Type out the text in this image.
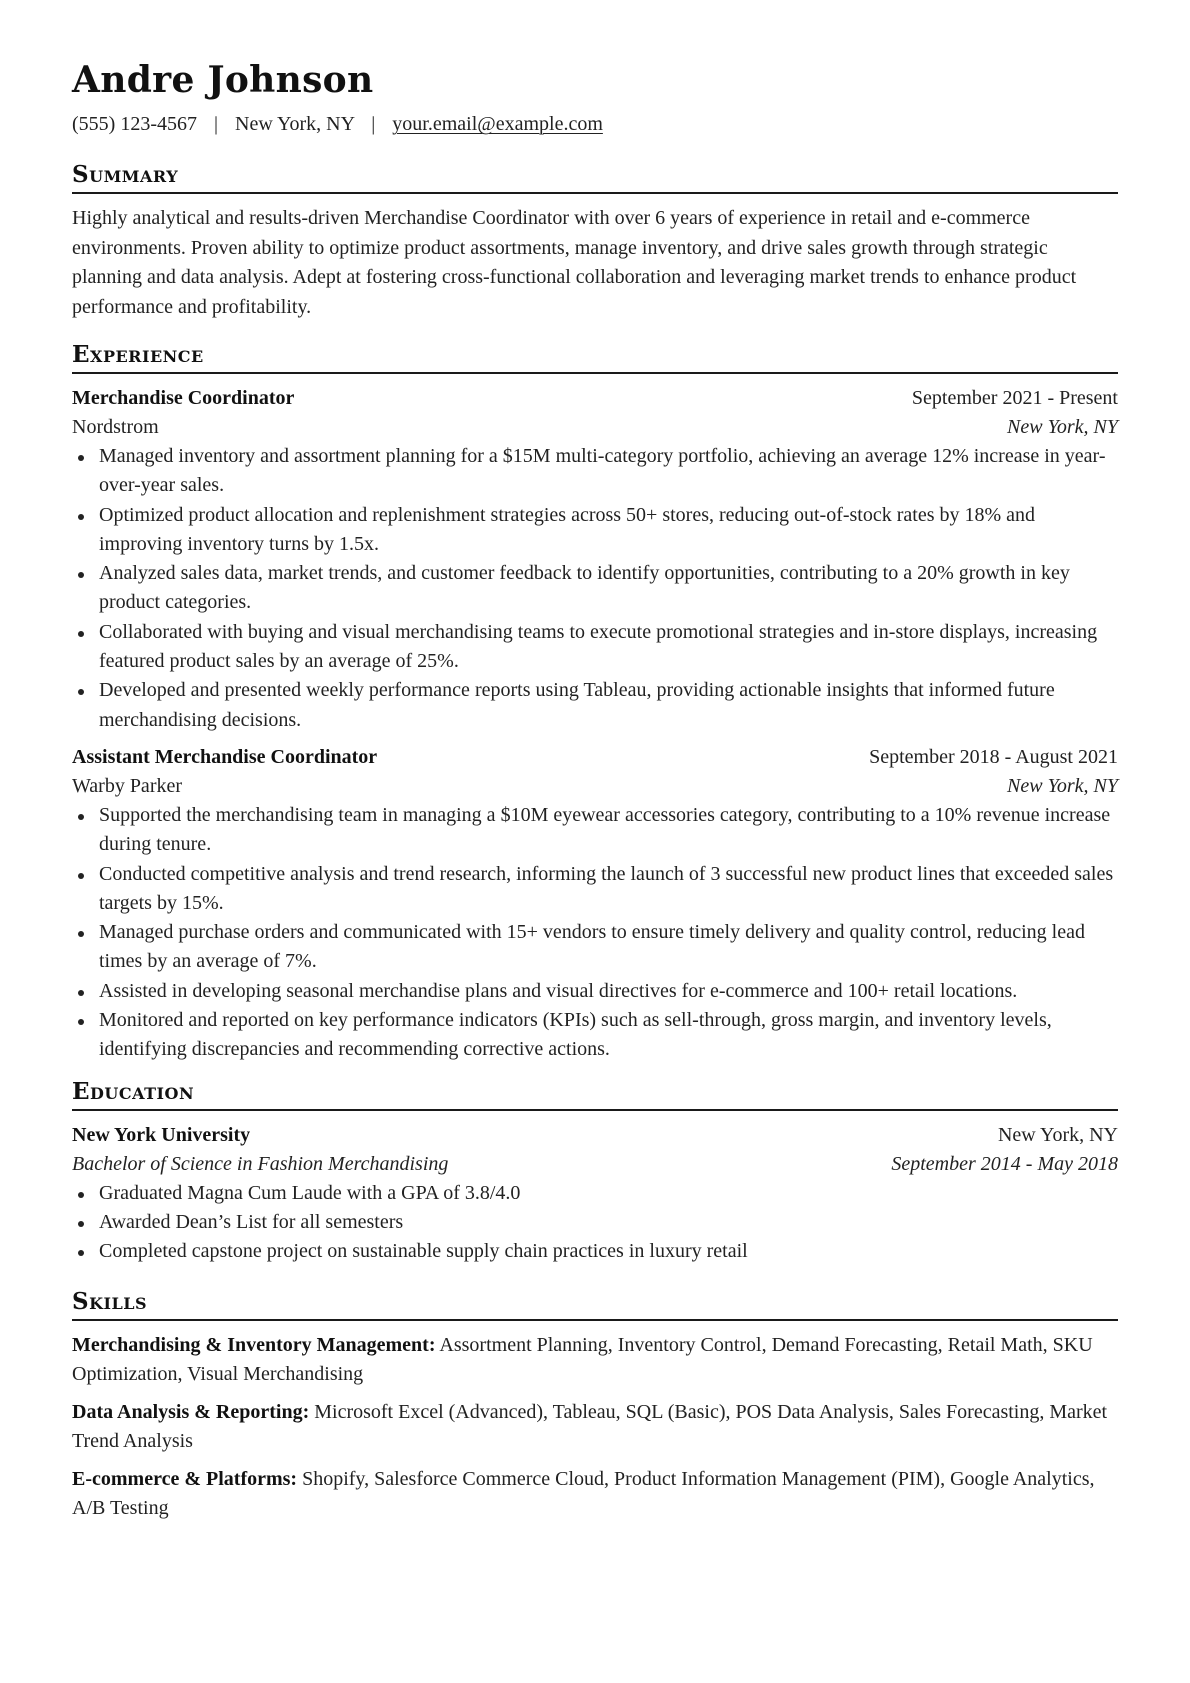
Andre Johnson
(555) 123-4567 | New York, NY | your.email@example.com
Summary

Highly analytical and results-driven Merchandise Coordinator with over 6 years of experience in retail and e-commerce environments. Proven ability to optimize product assortments, manage inventory, and drive sales growth through strategic planning and data analysis. Adept at fostering cross-functional collaboration and leveraging market trends to enhance product performance and profitability.

Experience
Merchandise Coordinator	September 2021 - Present
Nordstrom	New York, NY
Managed inventory and assortment planning for a $15M multi-category portfolio, achieving an average 12% increase in year-over-year sales.
Optimized product allocation and replenishment strategies across 50+ stores, reducing out-of-stock rates by 18% and improving inventory turns by 1.5x.
Analyzed sales data, market trends, and customer feedback to identify opportunities, contributing to a 20% growth in key product categories.
Collaborated with buying and visual merchandising teams to execute promotional strategies and in-store displays, increasing featured product sales by an average of 25%.
Developed and presented weekly performance reports using Tableau, providing actionable insights that informed future merchandising decisions.
Assistant Merchandise Coordinator	September 2018 - August 2021
Warby Parker	New York, NY
Supported the merchandising team in managing a $10M eyewear accessories category, contributing to a 10% revenue increase during tenure.
Conducted competitive analysis and trend research, informing the launch of 3 successful new product lines that exceeded sales targets by 15%.
Managed purchase orders and communicated with 15+ vendors to ensure timely delivery and quality control, reducing lead times by an average of 7%.
Assisted in developing seasonal merchandise plans and visual directives for e-commerce and 100+ retail locations.
Monitored and reported on key performance indicators (KPIs) such as sell-through, gross margin, and inventory levels, identifying discrepancies and recommending corrective actions.
Education
New York University	New York, NY
Bachelor of Science in Fashion Merchandising	September 2014 - May 2018
Graduated Magna Cum Laude with a GPA of 3.8/4.0
Awarded Dean’s List for all semesters
Completed capstone project on sustainable supply chain practices in luxury retail
Skills

Merchandising & Inventory Management: Assortment Planning, Inventory Control, Demand Forecasting, Retail Math, SKU Optimization, Visual Merchandising

Data Analysis & Reporting: Microsoft Excel (Advanced), Tableau, SQL (Basic), POS Data Analysis, Sales Forecasting, Market Trend Analysis

E-commerce & Platforms: Shopify, Salesforce Commerce Cloud, Product Information Management (PIM), Google Analytics, A/B Testing
